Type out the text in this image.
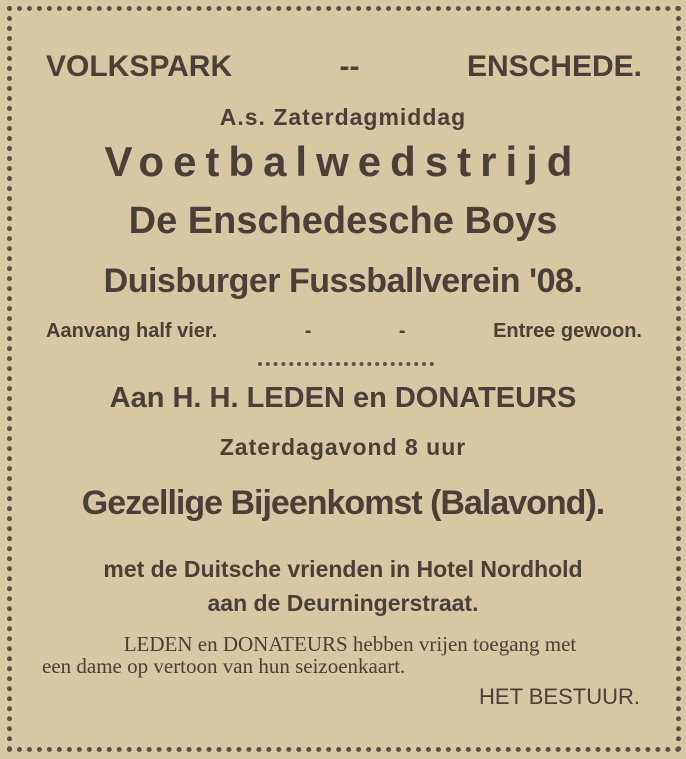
VOLKSPARK	--	ENSCHEDE.
A.s. Zaterdagmiddag
Voetbalwedstrijd
De Enschedesche Boys
Duisburger Fussballverein '08.
Aanvang half vier.	-	-	Entree gewoon.
Aan H. H. LEDEN en DONATEURS
Zaterdagavond 8 uur
Gezellige Bijeenkomst (Balavond).
met de Duitsche vrienden in Hotel Nordhold
aan de Deurningerstraat.
LEDEN en DONATEURS hebben vrijen toegang met
een dame op vertoon van hun seizoenkaart.
HET BESTUUR.
